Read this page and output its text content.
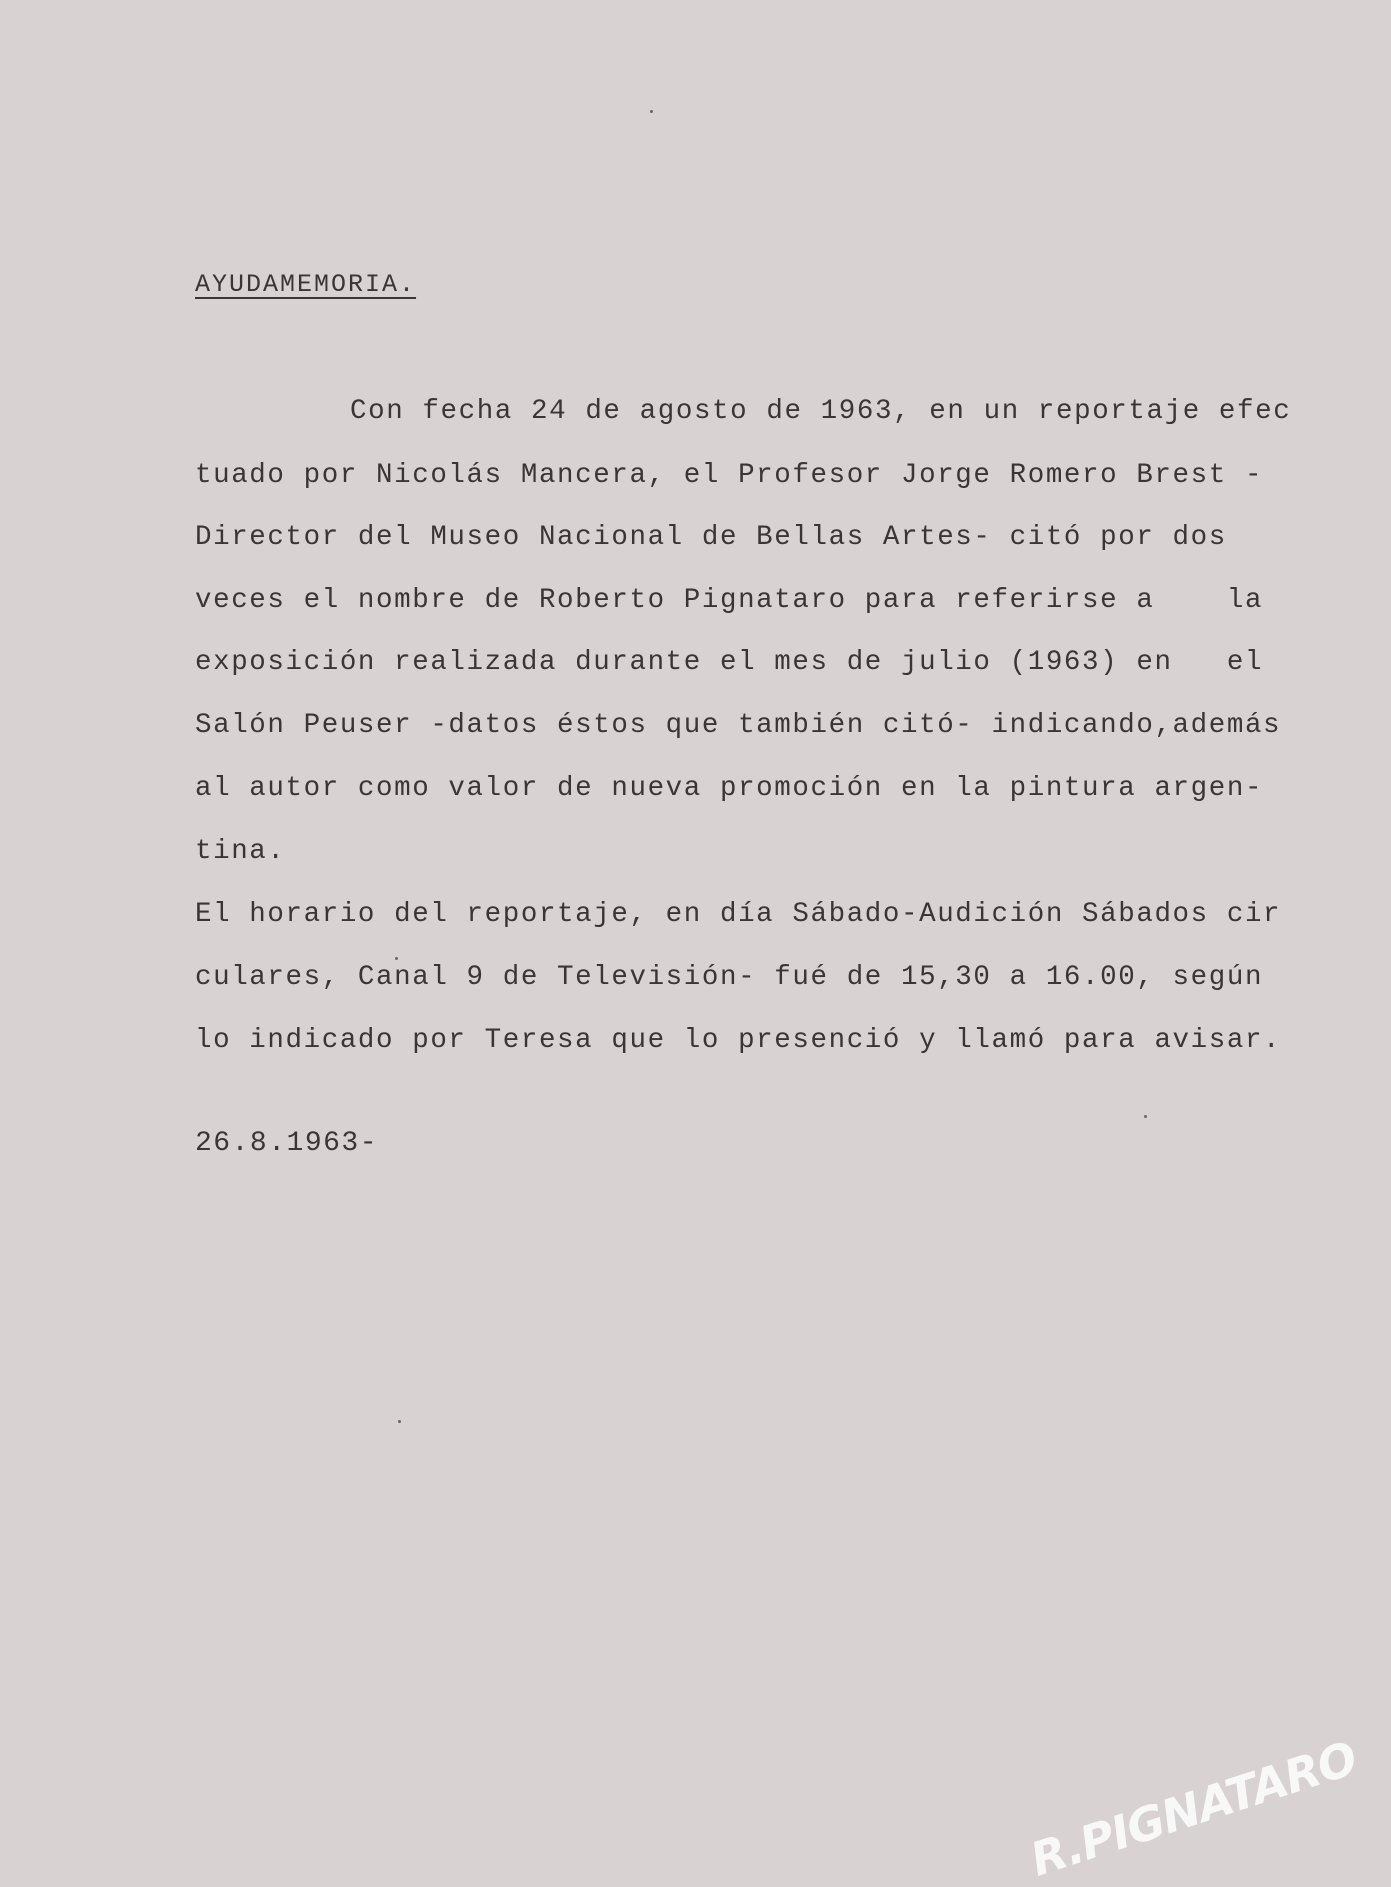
AYUDAMEMORIA.

Con fecha 24 de agosto de 1963, en un reportaje efec

tuado por Nicolás Mancera, el Profesor Jorge Romero Brest -

Director del Museo Nacional de Bellas Artes- citó por dos

veces el nombre de Roberto Pignataro para referirse a    la

exposición realizada durante el mes de julio (1963) en   el

Salón Peuser -datos éstos que también citó- indicando,además

al autor como valor de nueva promoción en la pintura argen-

tina.

El horario del reportaje, en día Sábado-Audición Sábados cir

culares, Canal 9 de Televisión- fué de 15,30 a 16.00, según

lo indicado por Teresa que lo presenció y llamó para avisar.

26.8.1963-

R.PIGNATARO
